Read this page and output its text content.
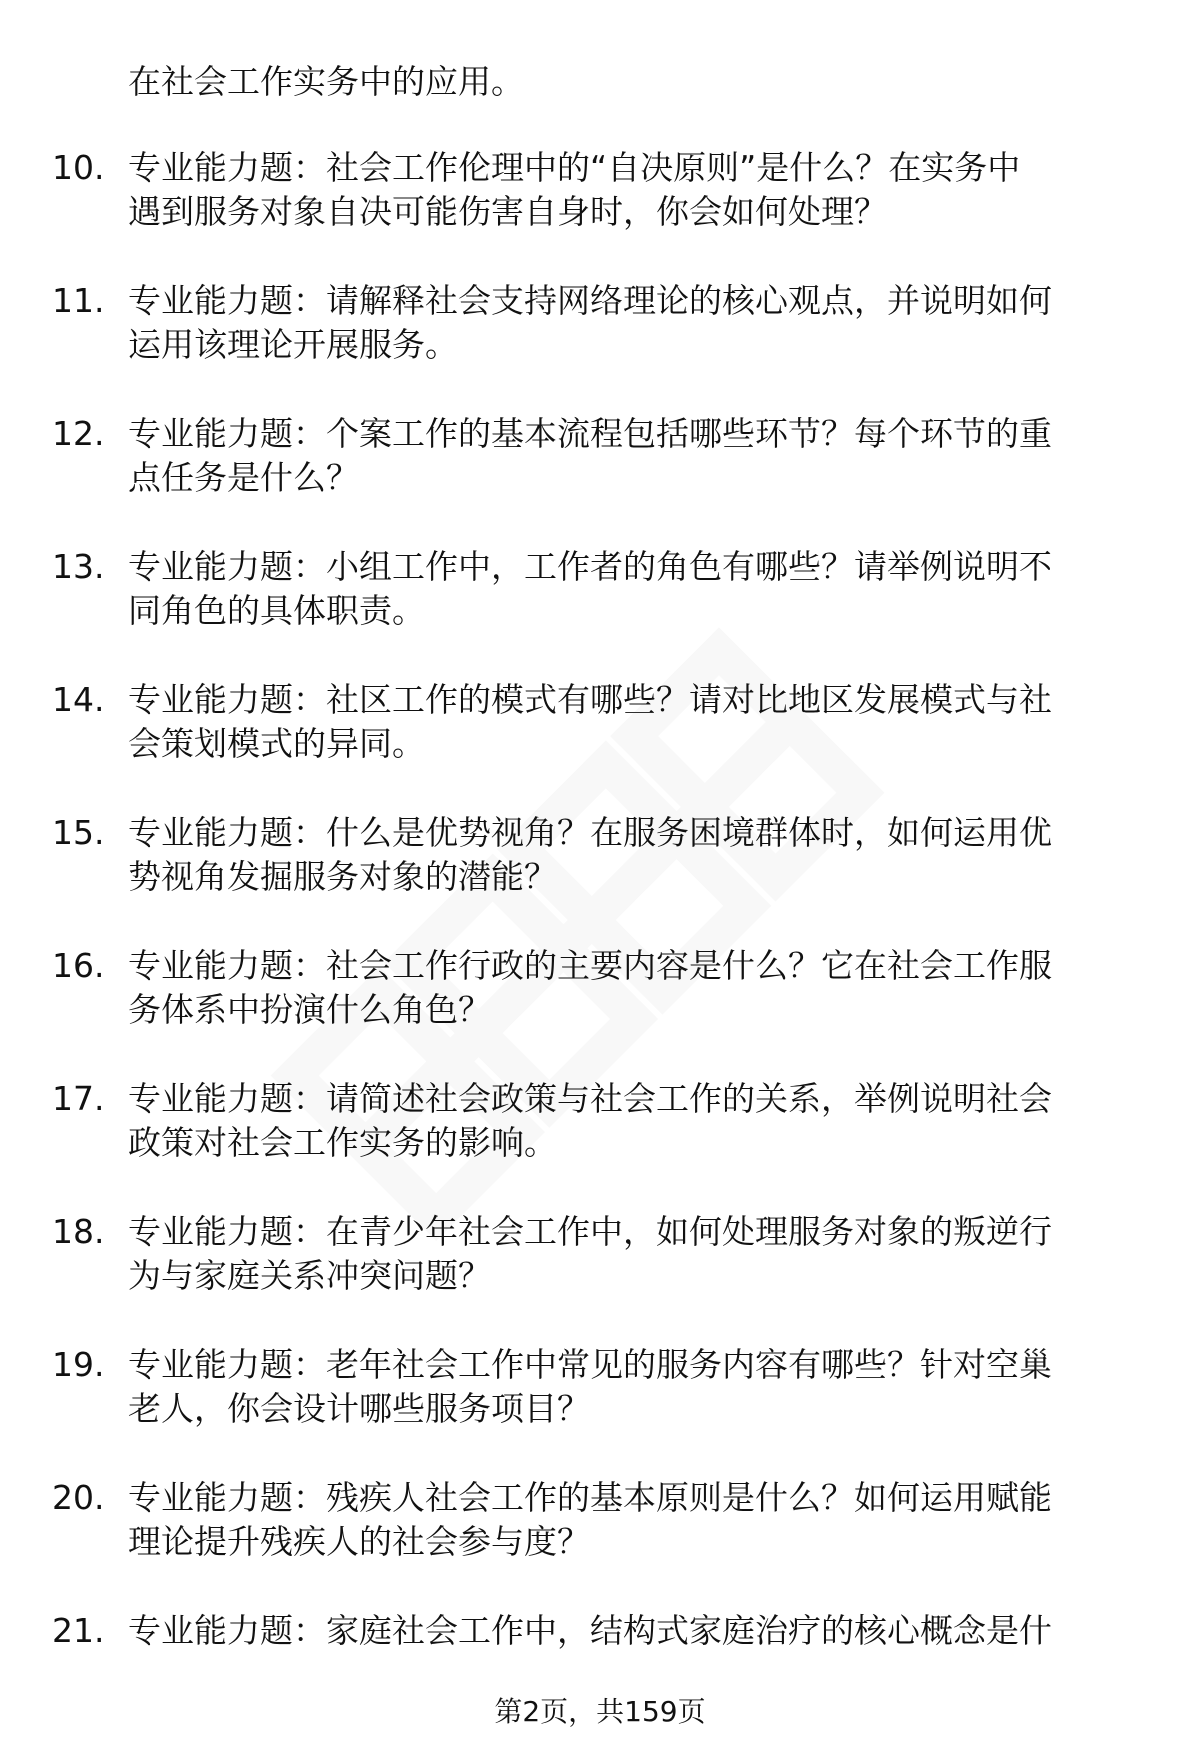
在社会工作实务中的应用。
10. 专业能力题：社会工作伦理中的“自决原则”是什么？在实务中
遇到服务对象自决可能伤害自身时，你会如何处理？
11. 专业能力题：请解释社会支持网络理论的核心观点，并说明如何
运用该理论开展服务。
12. 专业能力题：个案工作的基本流程包括哪些环节？每个环节的重
点任务是什么？
13. 专业能力题：小组工作中，工作者的角色有哪些？请举例说明不
同角色的具体职责。
14. 专业能力题：社区工作的模式有哪些？请对比地区发展模式与社
会策划模式的异同。
15. 专业能力题：什么是优势视角？在服务困境群体时，如何运用优
势视角发掘服务对象的潜能？
16. 专业能力题：社会工作行政的主要内容是什么？它在社会工作服
务体系中扮演什么角色？
17. 专业能力题：请简述社会政策与社会工作的关系，举例说明社会
政策对社会工作实务的影响。
18. 专业能力题：在青少年社会工作中，如何处理服务对象的叛逆行
为与家庭关系冲突问题？
19. 专业能力题：老年社会工作中常见的服务内容有哪些？针对空巢
老人，你会设计哪些服务项目？
20. 专业能力题：残疾人社会工作的基本原则是什么？如何运用赋能
理论提升残疾人的社会参与度？
21. 专业能力题：家庭社会工作中，结构式家庭治疗的核心概念是什
第2页，共159页
